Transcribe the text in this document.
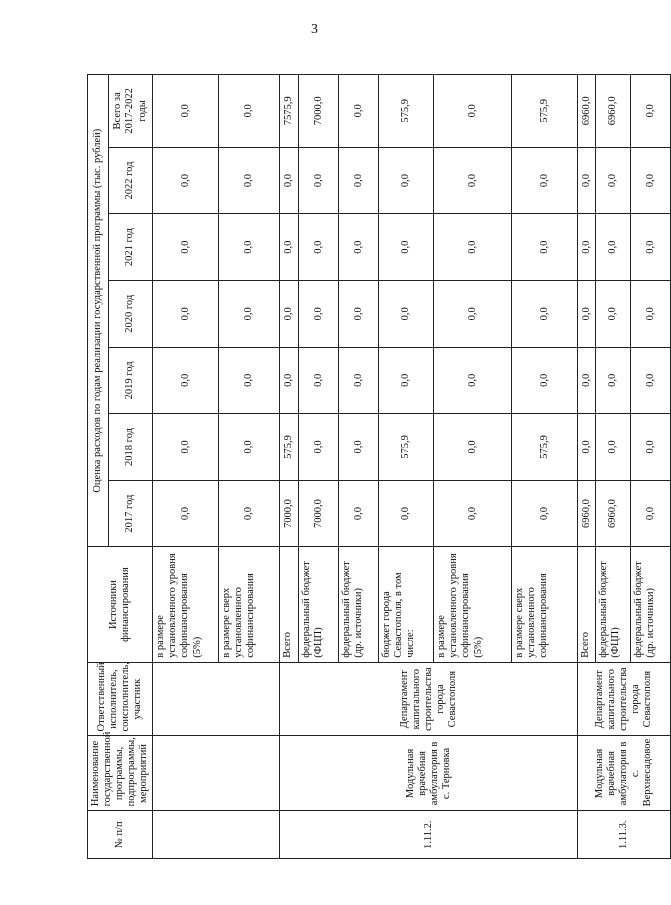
3
№ п/п	Наименование государственной программы, подпрограммы, мероприятий	Ответственный исполнитель, соисполнитель, участник	Источники финансирования	Оценка расходов по годам реализации государственной программы (тыс. рублей)						
				2017 год	2018 год	2019 год	2020 год	2021 год	2022 год	Всего за 2017-2022 годы
			в размере установленного уровня софинансирования (5%)	0,0	0,0	0,0	0,0	0,0	0,0	0,0
			в размере сверх установленного софинансирования	0,0	0,0	0,0	0,0	0,0	0,0	0,0
1.11.2.	Модульная врачебная амбулатория в с. Терновка	Департамент капитального строительства города Севастополя	Всего	7000,0	575,9	0,0	0,0	0,0	0,0	7575,9
			федеральный бюджет (ФЦП)	7000,0	0,0	0,0	0,0	0,0	0,0	7000,0
			федеральный бюджет (др. источники)	0,0	0,0	0,0	0,0	0,0	0,0	0,0
			бюджет города Севастополя, в том числе:	0,0	575,9	0,0	0,0	0,0	0,0	575,9
			в размере установленного уровня софинансирования (5%)	0,0	0,0	0,0	0,0	0,0	0,0	0,0
			в размере сверх установленного софинансирования	0,0	575,9	0,0	0,0	0,0	0,0	575,9
1.11.3.	Модульная врачебная амбулатория в с. Верхнесадовое	Департамент капитального строительства города Севастополя	Всего	6960,0	0,0	0,0	0,0	0,0	0,0	6960,0
			федеральный бюджет (ФЦП)	6960,0	0,0	0,0	0,0	0,0	0,0	6960,0
			федеральный бюджет (др. источники)	0,0	0,0	0,0	0,0	0,0	0,0	0,0
